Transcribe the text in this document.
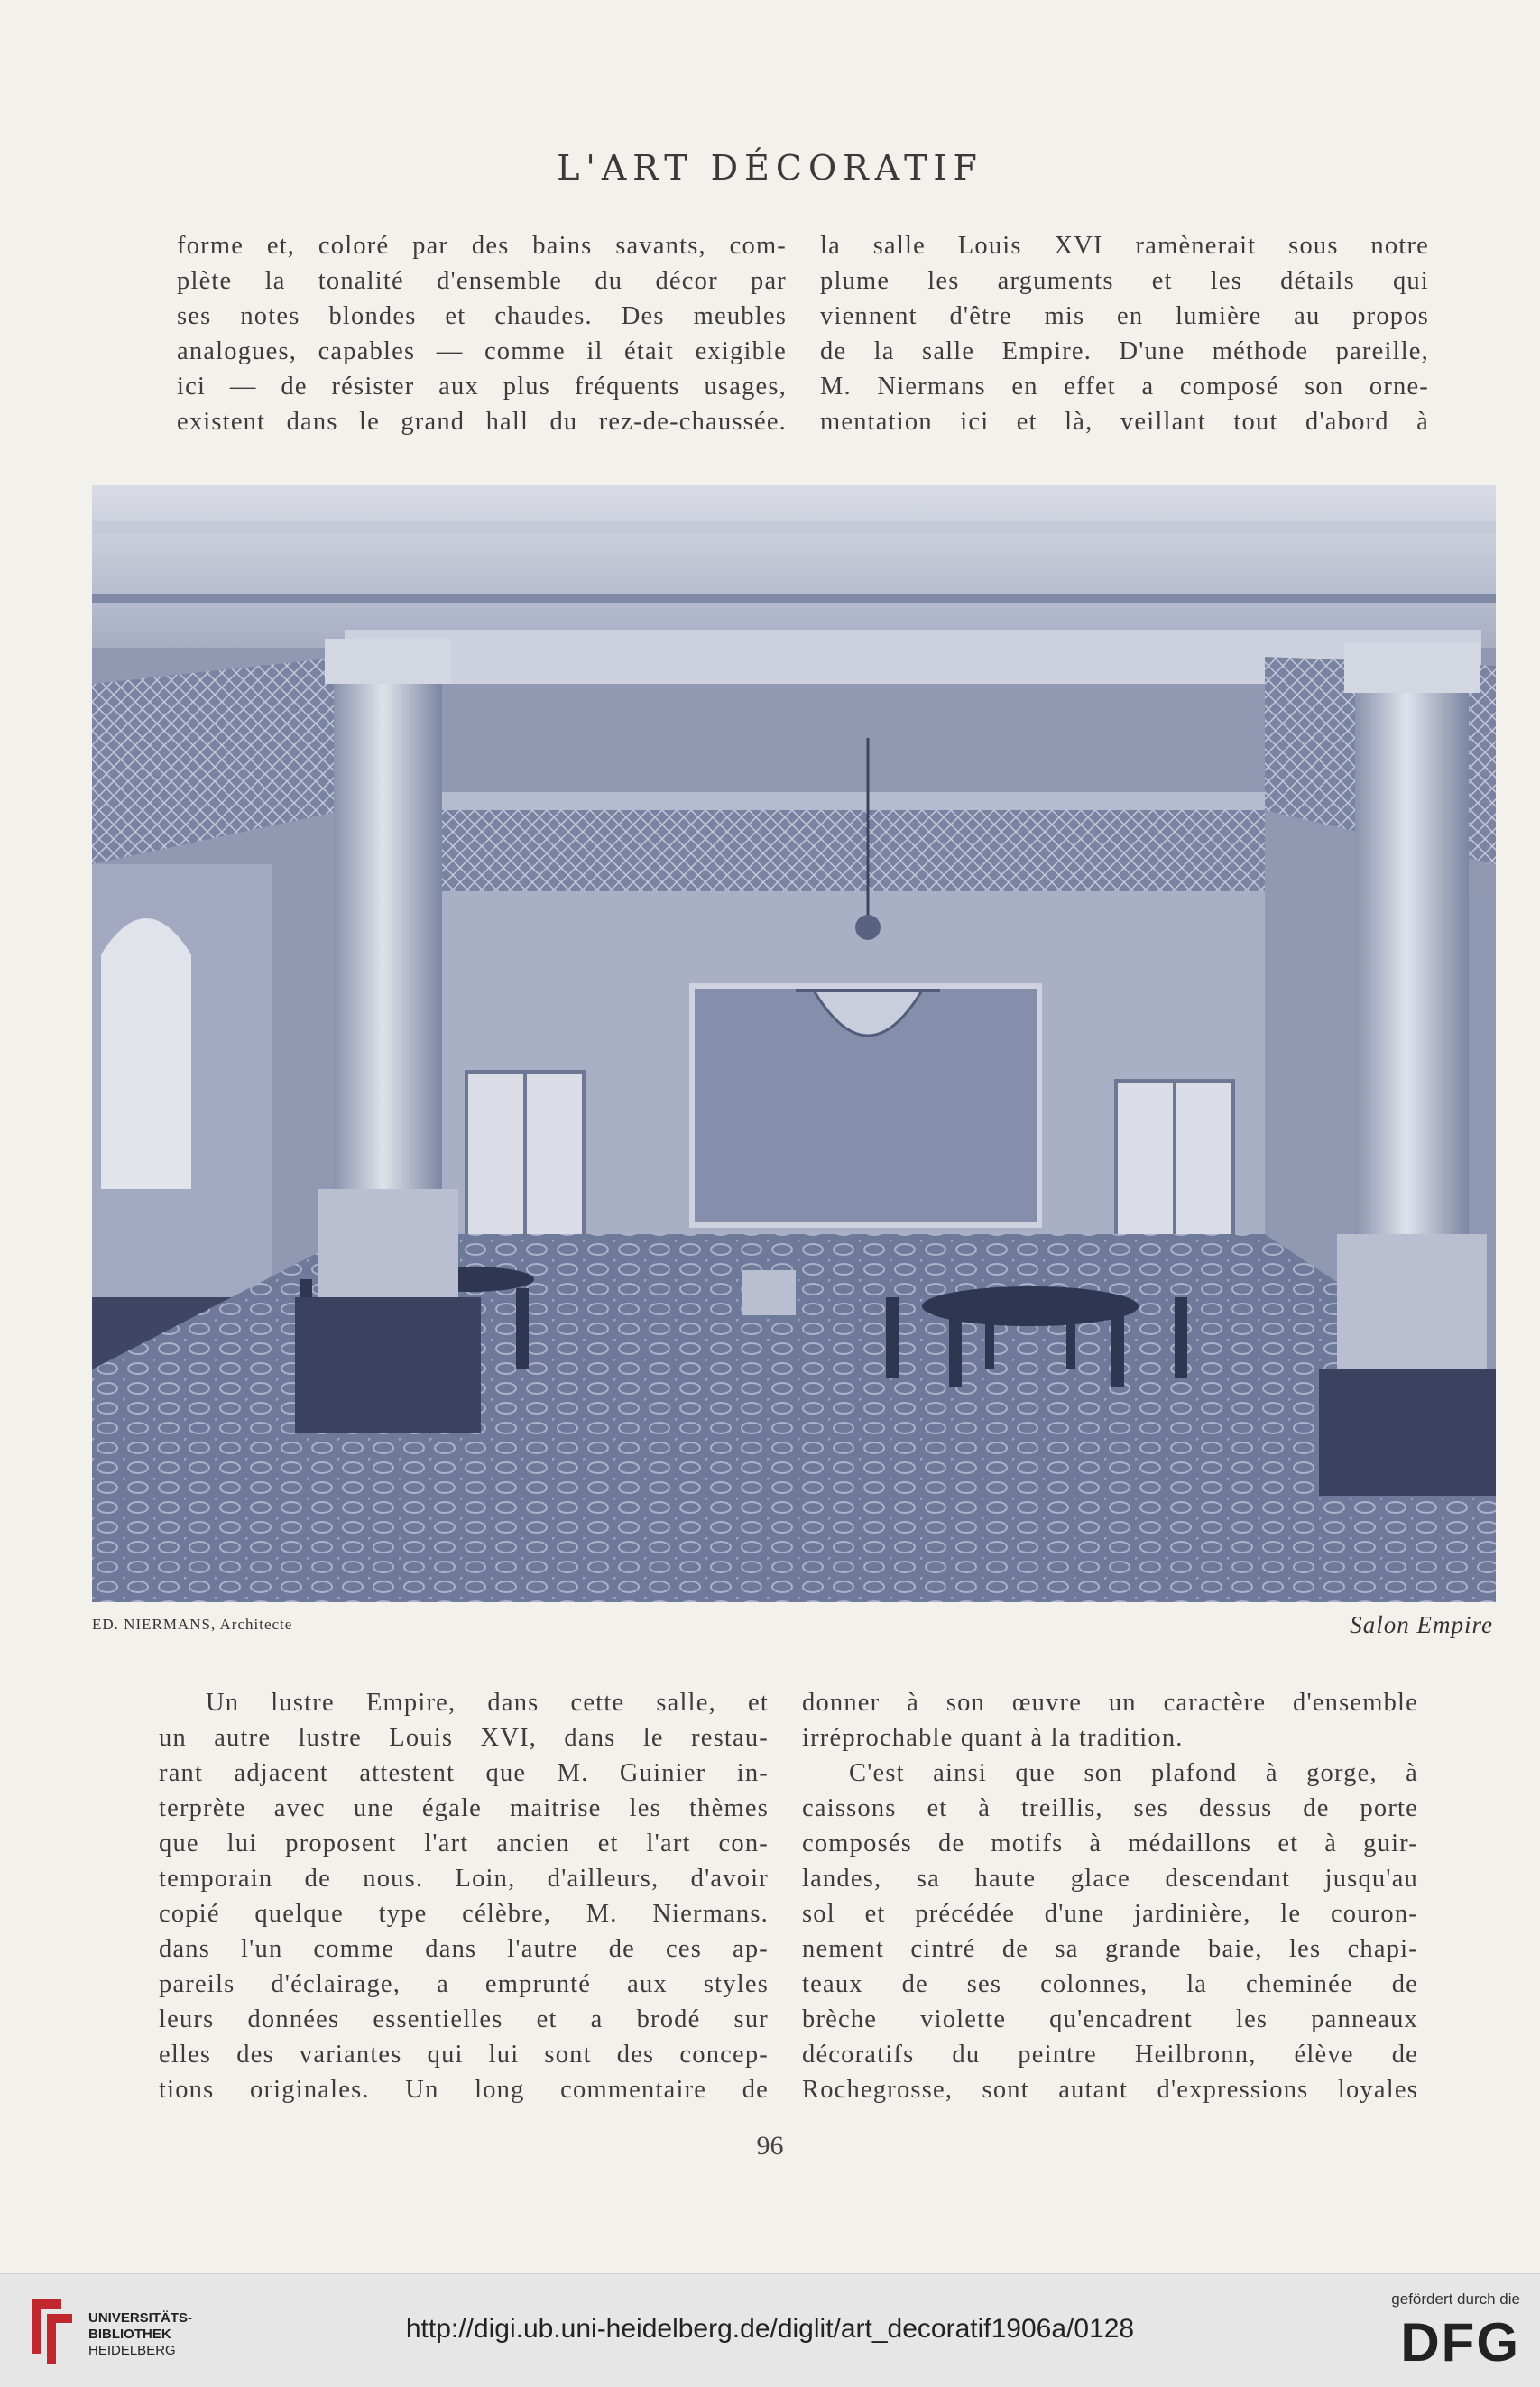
L'ART DÉCORATIF

forme et, coloré par des bains savants, com-

plète la tonalité d'ensemble du décor par

ses notes blondes et chaudes. Des meubles

analogues, capables — comme il était exigible

ici — de résister aux plus fréquents usages,

existent dans le grand hall du rez-de-chaussée.

la salle Louis XVI ramènerait sous notre

plume les arguments et les détails qui

viennent d'être mis en lumière au propos

de la salle Empire. D'une méthode pareille,

M. Niermans en effet a composé son orne-

mentation ici et là, veillant tout d'abord à

ED. NIERMANS, Architecte	Salon Empire

Un lustre Empire, dans cette salle, et

un autre lustre Louis XVI, dans le restau-

rant adjacent attestent que M. Guinier in-

terprète avec une égale maitrise les thèmes

que lui proposent l'art ancien et l'art con-

temporain de nous. Loin, d'ailleurs, d'avoir

copié quelque type célèbre, M. Niermans.

dans l'un comme dans l'autre de ces ap-

pareils d'éclairage, a emprunté aux styles

leurs données essentielles et a brodé sur

elles des variantes qui lui sont des concep-

tions originales. Un long commentaire de

donner à son œuvre un caractère d'ensemble

irréprochable quant à la tradition.

C'est ainsi que son plafond à gorge, à

caissons et à treillis, ses dessus de porte

composés de motifs à médaillons et à guir-

landes, sa haute glace descendant jusqu'au

sol et précédée d'une jardinière, le couron-

nement cintré de sa grande baie, les chapi-

teaux de ses colonnes, la cheminée de

brèche violette qu'encadrent les panneaux

décoratifs du peintre Heilbronn, élève de

Rochegrosse, sont autant d'expressions loyales

96
UNIVERSITÄTS-
BIBLIOTHEK
HEIDELBERG
http://digi.ub.uni-heidelberg.de/diglit/art_decoratif1906a/0128
gefördert durch die
DFG
